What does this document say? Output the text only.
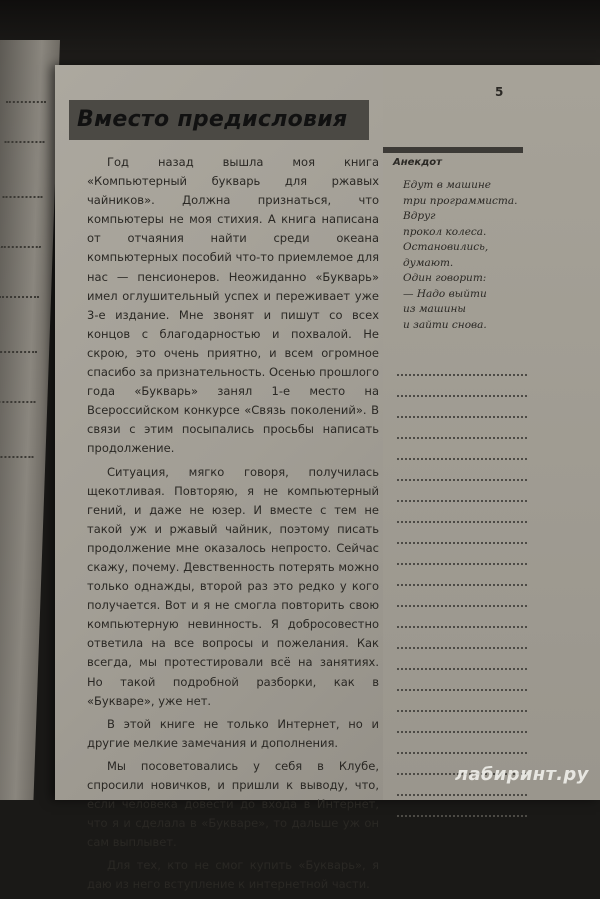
5
Вместо предисловия

Год назад вышла моя книга «Компьютерный букварь для ржавых чайников». Должна признаться, что компьютеры не моя стихия. А книга написана от отчаяния найти среди океана компьютерных пособий что-то приемлемое для нас — пенсионеров. Неожиданно «Букварь» имел оглушительный успех и переживает уже 3-е издание. Мне звонят и пишут со всех концов с благодарностью и похвалой. Не скрою, это очень приятно, и всем огромное спасибо за признательность. Осенью прошлого года «Букварь» занял 1-е место на Всероссийском конкурсе «Связь поколений». В связи с этим посыпались просьбы написать продолжение.

Ситуация, мягко говоря, получилась щекотливая. Повторяю, я не компьютерный гений, и даже не юзер. И вместе с тем не такой уж и ржавый чайник, поэтому писать продолжение мне оказалось непросто. Сейчас скажу, почему. Девственность потерять можно только однажды, второй раз это редко у кого получается. Вот и я не смогла повторить свою компьютерную невинность. Я добросовестно ответила на все вопросы и пожелания. Как всегда, мы протестировали всё на занятиях. Но такой подробной разборки, как в «Букваре», уже нет.

В этой книге не только Интернет, но и другие мелкие замечания и дополнения.

Мы посоветовались у себя в Клубе, спросили новичков, и пришли к выводу, что, если человека довести до входа в Интернет, что я и сделала в «Букваре», то дальше уж он сам выплывет.

Для тех, кто не смог купить «Букварь», я даю из него вступление к интернетной части.

Анекдот
Едут в машине
три программиста. Вдруг
прокол колеса.
Остановились,
думают.
Один говорит:
— Надо выйти
из машины
и зайти снова.
лабиринт.ру
